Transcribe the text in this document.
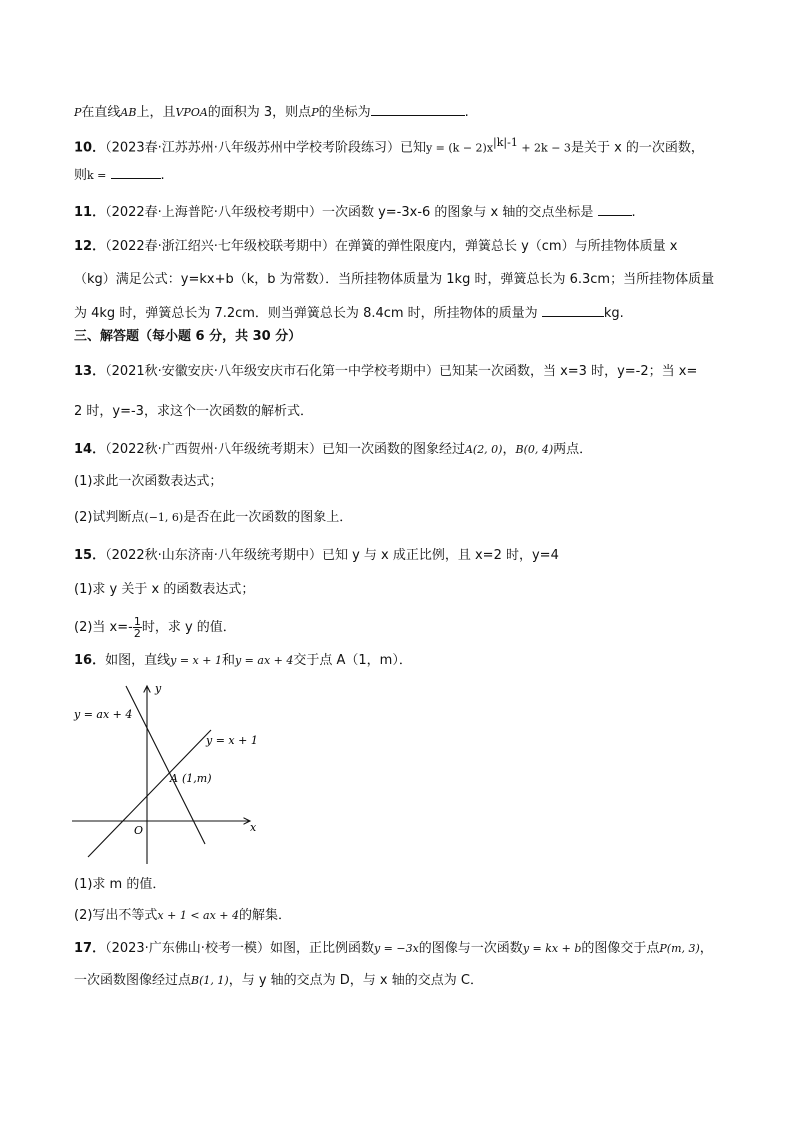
P在直线AB上，且VPOA的面积为 3，则点P的坐标为	.
10．（2023春·江苏苏州·八年级苏州中学校考阶段练习）已知$y = (k - 2)x^{|k|-1} + 2k - 3$是关于 x 的一次函数，
则k =	.
11．（2022春·上海普陀·八年级校考期中）一次函数 y=-3x-6 的图象与 x 轴的交点坐标是	.
12．（2022春·浙江绍兴·七年级校联考期中）在弹簧的弹性限度内，弹簧总长 y（cm）与所挂物体质量 x
（kg）满足公式：y=kx+b（k，b 为常数）．当所挂物体质量为 1kg 时，弹簧总长为 6.3cm；当所挂物体质量
为 4kg 时，弹簧总长为 7.2cm．则当弹簧总长为 8.4cm 时，所挂物体的质量为	kg.
三、解答题（每小题 6 分，共 30 分）
13．（2021秋·安徽安庆·八年级安庆市石化第一中学校考期中）已知某一次函数，当 x=3 时，y=-2；当 x=
2 时，y=-3，求这个一次函数的解析式．
14．（2022秋·广西贺州·八年级统考期末）已知一次函数的图象经过A(2, 0)，B(0, 4)两点．
(1)求此一次函数表达式；
(2)试判断点(−1, 6)是否在此一次函数的图象上．
15．（2022秋·山东济南·八年级统考期中）已知 y 与 x 成正比例，且 x=2 时，y=4
(1)求 y 关于 x 的函数表达式；
(2)当 $x=- \frac{1}{2}$ 时，求 y 的值．
16．如图，直线y = x + 1和y = ax + 4交于点 A（1，m）．
y = ax + 4
y = x + 1
A (1,m)
O	x
y
(1)求 m 的值．
(2)写出不等式x + 1 < ax + 4的解集．
17．（2023·广东佛山·校考一模）如图，正比例函数y = −3x的图像与一次函数y = kx + b的图像交于点P(m, 3)，
一次函数图像经过点B(1, 1)，与 y 轴的交点为 D，与 x 轴的交点为 C．
